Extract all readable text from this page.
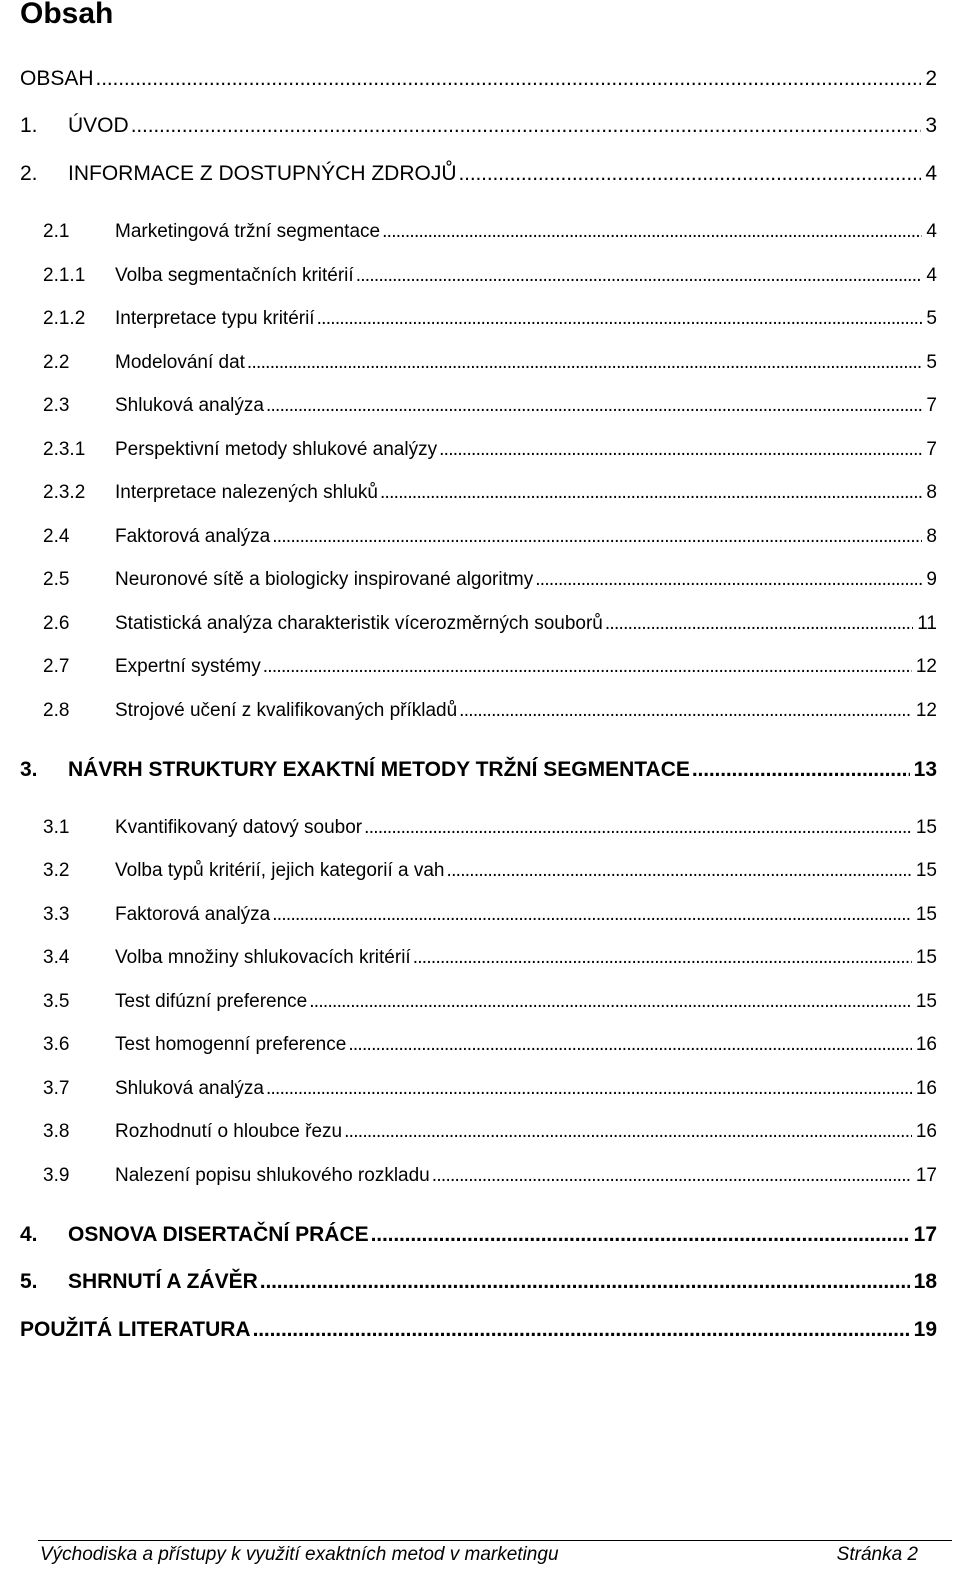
Obsah
OBSAH . . .	2
1.	ÚVOD . . .	3
2.	INFORMACE Z DOSTUPNÝCH ZDROJŮ . . .	4
2.1	Marketingová tržní segmentace . . .	4
2.1.1	Volba segmentačních kritérií . . .	4
2.1.2	Interpretace typu kritérií . . .	5
2.2	Modelování dat . . .	5
2.3	Shluková analýza . . .	7
2.3.1	Perspektivní metody shlukové analýzy . . .	7
2.3.2	Interpretace nalezených shluků . . .	8
2.4	Faktorová analýza . . .	8
2.5	Neuronové sítě a biologicky inspirované algoritmy . . .	9
2.6	Statistická analýza charakteristik vícerozměrných souborů . . .	11
2.7	Expertní systémy . . .	12
2.8	Strojové učení z kvalifikovaných příkladů . . .	12
3.	NÁVRH STRUKTURY EXAKTNÍ METODY TRŽNÍ SEGMENTACE . . .	13
3.1	Kvantifikovaný datový soubor . . .	15
3.2	Volba typů kritérií, jejich kategorií a vah . . .	15
3.3	Faktorová analýza . . .	15
3.4	Volba množiny shlukovacích kritérií . . .	15
3.5	Test difúzní preference . . .	15
3.6	Test homogenní preference . . .	16
3.7	Shluková analýza . . .	16
3.8	Rozhodnutí o hloubce řezu . . .	16
3.9	Nalezení popisu shlukového rozkladu . . .	17
4.	OSNOVA DISERTAČNÍ PRÁCE . . .	17
5.	SHRNUTÍ A ZÁVĚR . . .	18
POUŽITÁ LITERATURA . . .	19
Východiska a přístupy k využití exaktních metod v marketingu	Stránka 2
